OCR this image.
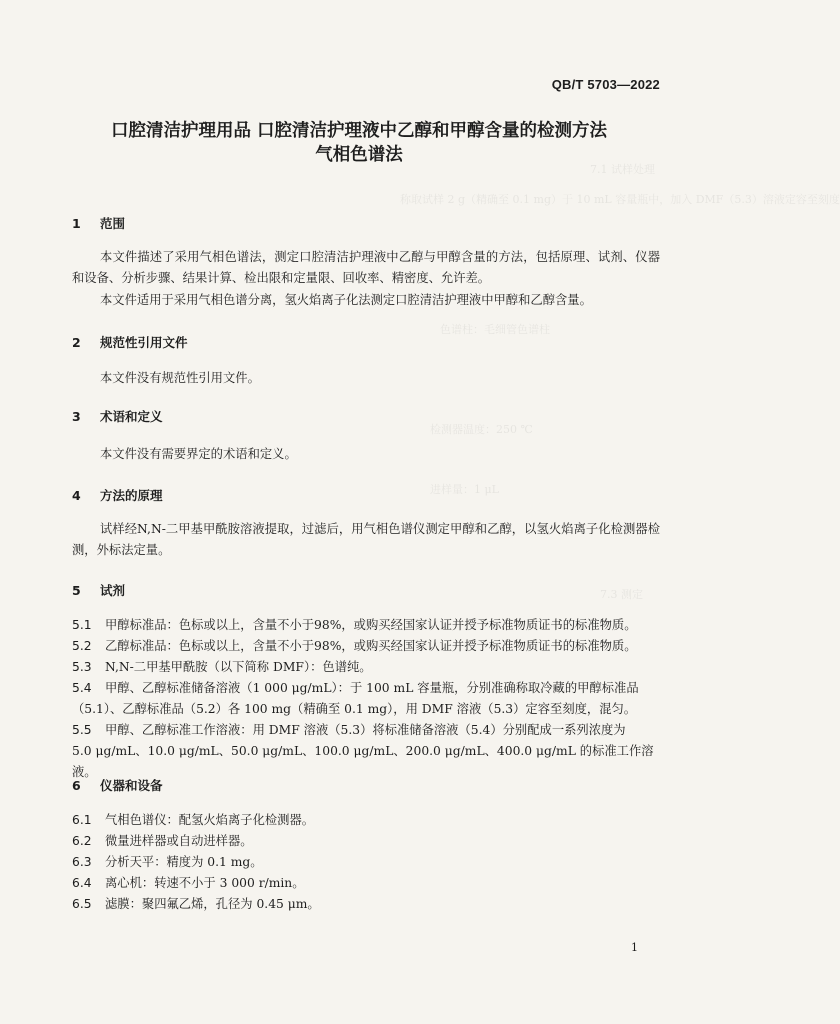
7.1 试样处理
称取试样 2 g（精确至 0.1 mg）于 10 mL 容量瓶中，加入 DMF（5.3）溶液定容至刻度
色谱柱：毛细管色谱柱
检测器温度：250 ℃
进样量：1 μL
7.3 测定
QB/T 5703—2022
口腔清洁护理用品 口腔清洁护理液中乙醇和甲醇含量的检测方法
气相色谱法
1 范围
本文件描述了采用气相色谱法，测定口腔清洁护理液中乙醇与甲醇含量的方法，包括原理、试剂、仪器和设备、分析步骤、结果计算、检出限和定量限、回收率、精密度、允许差。
本文件适用于采用气相色谱分离，氢火焰离子化法测定口腔清洁护理液中甲醇和乙醇含量。
2 规范性引用文件
本文件没有规范性引用文件。
3 术语和定义
本文件没有需要界定的术语和定义。
4 方法的原理
试样经N,N-二甲基甲酰胺溶液提取，过滤后，用气相色谱仪测定甲醇和乙醇，以氢火焰离子化检测器检测，外标法定量。
5 试剂
5.1 甲醇标准品：色标或以上，含量不小于98%，或购买经国家认证并授予标准物质证书的标准物质。
5.2 乙醇标准品：色标或以上，含量不小于98%，或购买经国家认证并授予标准物质证书的标准物质。
5.3 N,N-二甲基甲酰胺（以下简称 DMF）：色谱纯。
5.4 甲醇、乙醇标准储备溶液（1 000 μg/mL）：于 100 mL 容量瓶，分别准确称取冷藏的甲醇标准品
（5.1）、乙醇标准品（5.2）各 100 mg（精确至 0.1 mg），用 DMF 溶液（5.3）定容至刻度，混匀。
5.5 甲醇、乙醇标准工作溶液：用 DMF 溶液（5.3）将标准储备溶液（5.4）分别配成一系列浓度为
5.0 μg/mL、10.0 μg/mL、50.0 μg/mL、100.0 μg/mL、200.0 μg/mL、400.0 μg/mL 的标准工作溶液。
6 仪器和设备
6.1 气相色谱仪：配氢火焰离子化检测器。
6.2 微量进样器或自动进样器。
6.3 分析天平：精度为 0.1 mg。
6.4 离心机：转速不小于 3 000 r/min。
6.5 滤膜：聚四氟乙烯，孔径为 0.45 μm。
1
